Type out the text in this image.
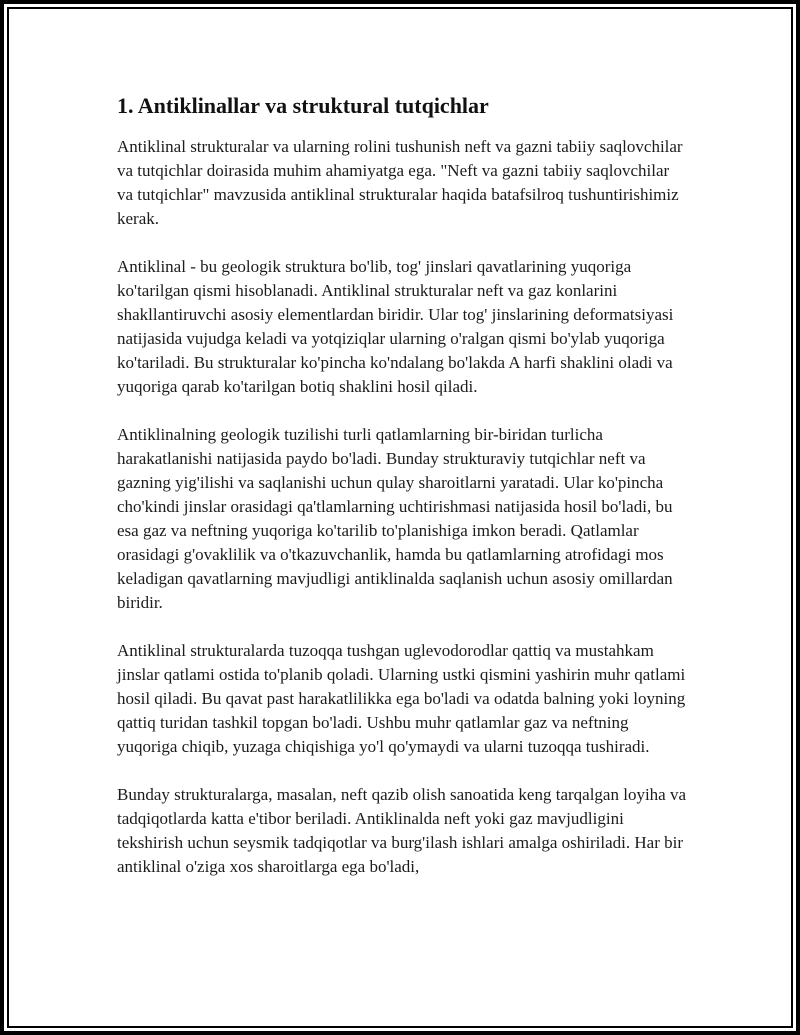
1. Antiklinallar va struktural tutqichlar

Antiklinal strukturalar va ularning rolini tushunish neft va gazni tabiiy saqlovchilar va tutqichlar doirasida muhim ahamiyatga ega. "Neft va gazni tabiiy saqlovchilar va tutqichlar" mavzusida antiklinal strukturalar haqida batafsilroq tushuntirishimiz kerak.

Antiklinal - bu geologik struktura bo'lib, tog' jinslari qavatlarining yuqoriga ko'tarilgan qismi hisoblanadi. Antiklinal strukturalar neft va gaz konlarini shakllantiruvchi asosiy elementlardan biridir. Ular tog' jinslarining deformatsiyasi natijasida vujudga keladi va yotqiziqlar ularning o'ralgan qismi bo'ylab yuqoriga ko'tariladi. Bu strukturalar ko'pincha ko'ndalang bo'lakda A harfi shaklini oladi va yuqoriga qarab ko'tarilgan botiq shaklini hosil qiladi.

Antiklinalning geologik tuzilishi turli qatlamlarning bir-biridan turlicha harakatlanishi natijasida paydo bo'ladi. Bunday strukturaviy tutqichlar neft va gazning yig'ilishi va saqlanishi uchun qulay sharoitlarni yaratadi. Ular ko'pincha cho'kindi jinslar orasidagi qa'tlamlarning uchtirishmasi natijasida hosil bo'ladi, bu esa gaz va neftning yuqoriga ko'tarilib to'planishiga imkon beradi. Qatlamlar orasidagi g'ovaklilik va o'tkazuvchanlik, hamda bu qatlamlarning atrofidagi mos keladigan qavatlarning mavjudligi antiklinalda saqlanish uchun asosiy omillardan biridir.

Antiklinal strukturalarda tuzoqqa tushgan uglevodorodlar qattiq va mustahkam jinslar qatlami ostida to'planib qoladi. Ularning ustki qismini yashirin muhr qatlami hosil qiladi. Bu qavat past harakatlilikka ega bo'ladi va odatda balning yoki loyning qattiq turidan tashkil topgan bo'ladi. Ushbu muhr qatlamlar gaz va neftning yuqoriga chiqib, yuzaga chiqishiga yo'l qo'ymaydi va ularni tuzoqqa tushiradi.

Bunday strukturalarga, masalan, neft qazib olish sanoatida keng tarqalgan loyiha va tadqiqotlarda katta e'tibor beriladi. Antiklinalda neft yoki gaz mavjudligini tekshirish uchun seysmik tadqiqotlar va burg'ilash ishlari amalga oshiriladi. Har bir antiklinal o'ziga xos sharoitlarga ega bo'ladi,
